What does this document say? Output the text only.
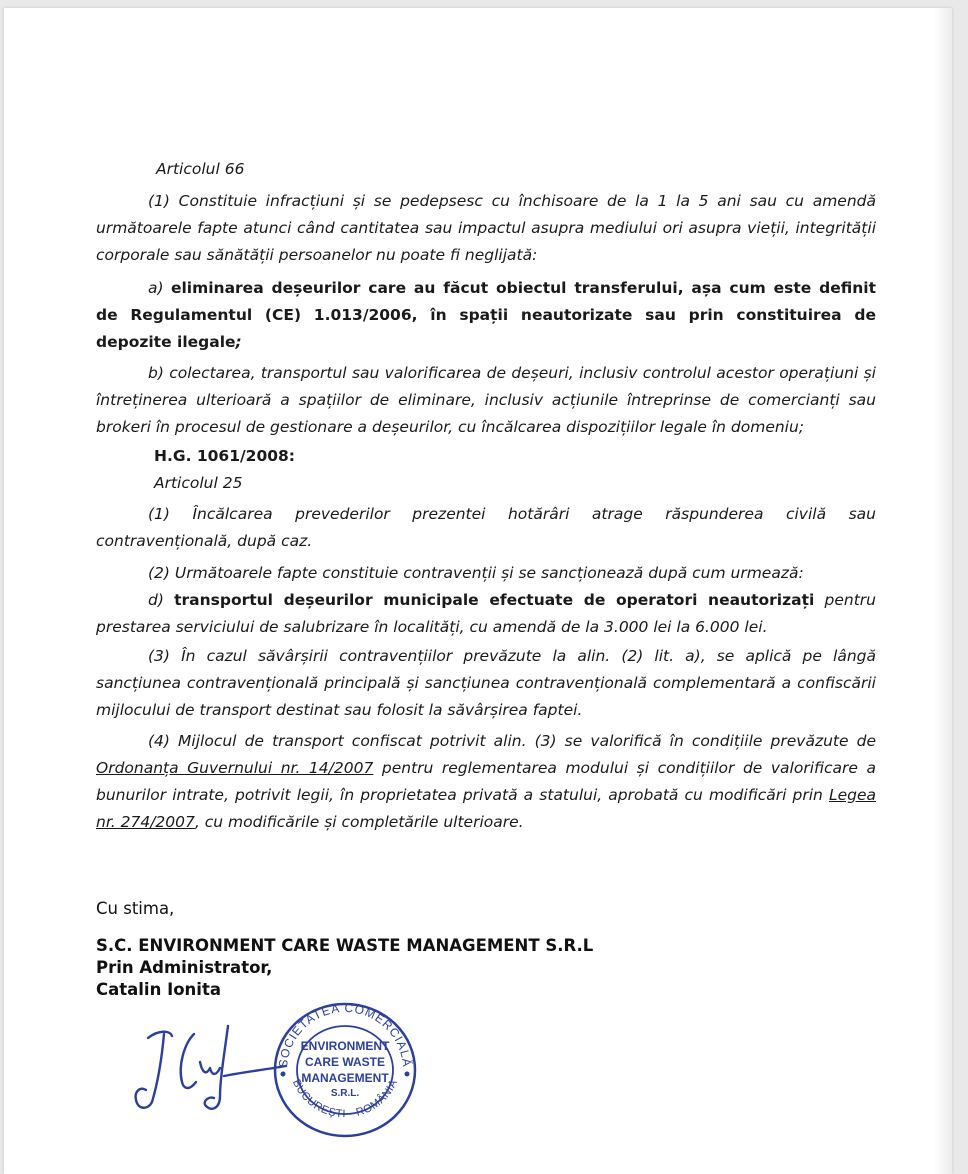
Articolul 66

(1) Constituie infracțiuni și se pedepsesc cu închisoare de la 1 la 5 ani sau cu amendă următoarele fapte atunci când cantitatea sau impactul asupra mediului ori asupra vieții, integrității corporale sau sănătății persoanelor nu poate fi neglijată:

a) eliminarea deșeurilor care au făcut obiectul transferului, așa cum este definit de Regulamentul (CE) 1.013/2006, în spații neautorizate sau prin constituirea de depozite ilegale;

b) colectarea, transportul sau valorificarea de deșeuri, inclusiv controlul acestor operațiuni și întreținerea ulterioară a spațiilor de eliminare, inclusiv acțiunile întreprinse de comercianți sau brokeri în procesul de gestionare a deșeurilor, cu încălcarea dispozițiilor legale în domeniu;

H.G. 1061/2008:

Articolul 25

(1) Încălcarea prevederilor prezentei hotărâri atrage răspunderea civilă sau contravențională, după caz.

(2) Următoarele fapte constituie contravenții și se sancționează după cum urmează:

d) transportul deșeurilor municipale efectuate de operatori neautorizați pentru prestarea serviciului de salubrizare în localități, cu amendă de la 3.000 lei la 6.000 lei.

(3) În cazul săvârșirii contravențiilor prevăzute la alin. (2) lit. a), se aplică pe lângă sancțiunea contravențională principală și sancțiunea contravențională complementară a confiscării mijlocului de transport destinat sau folosit la săvârșirea faptei.

(4) Mijlocul de transport confiscat potrivit alin. (3) se valorifică în condițiile prevăzute de Ordonanța Guvernului nr. 14/2007 pentru reglementarea modului și condițiilor de valorificare a bunurilor intrate, potrivit legii, în proprietatea privată a statului, aprobată cu modificări prin Legea nr. 274/2007, cu modificările și completările ulterioare.

Cu stima,

S.C. ENVIRONMENT CARE WASTE MANAGEMENT S.R.L

Prin Administrator,

Catalin Ionita

SOCIETATEA COMERCIALĂ
BUCUREȘTI - ROMÂNIA
ENVIRONMENT
CARE WASTE
MANAGEMENT
S.R.L.
